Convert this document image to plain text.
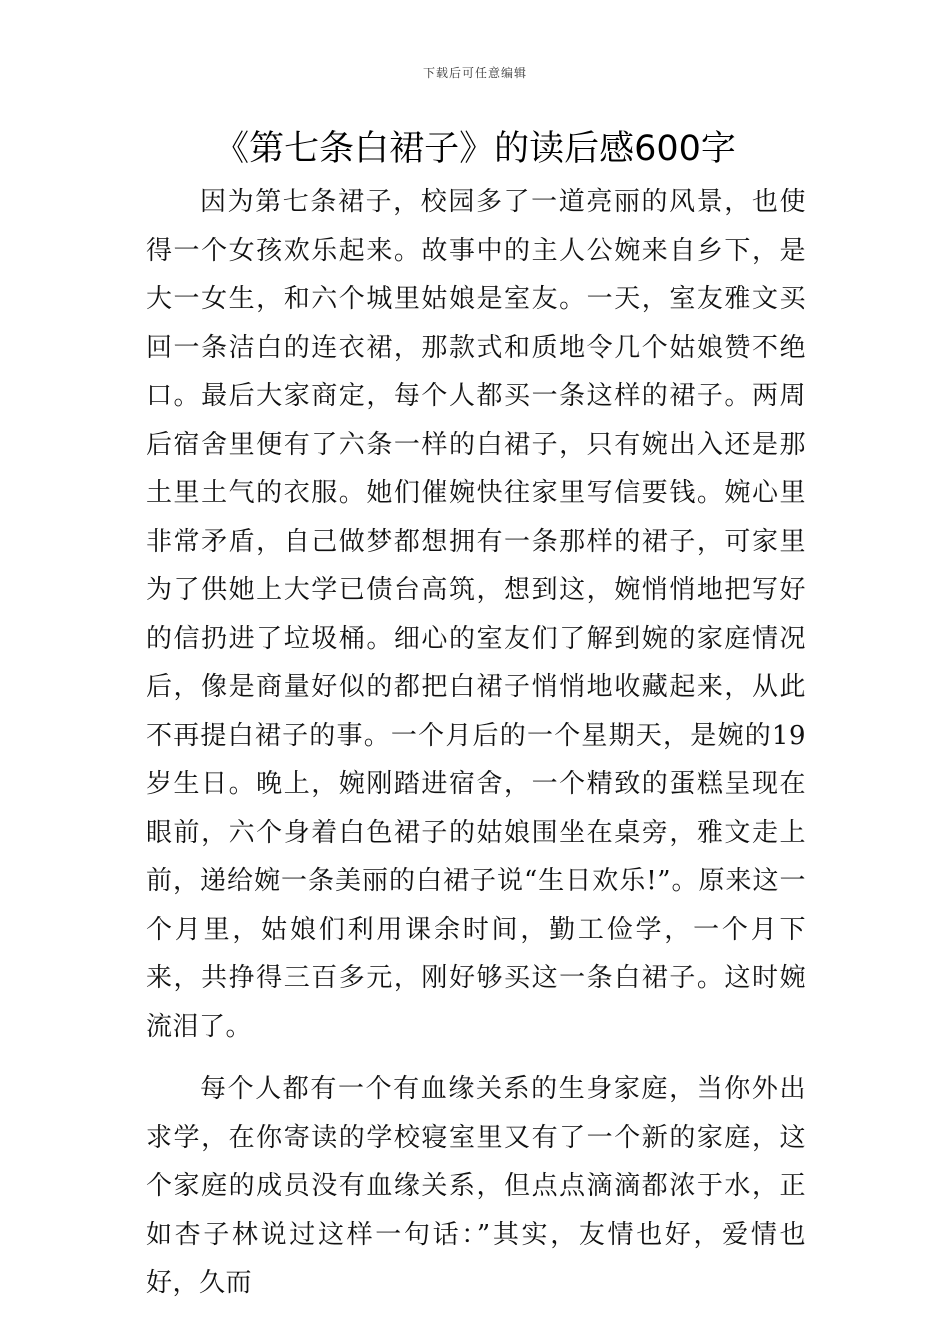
下载后可任意编辑
《第七条白裙子》的读后感600字

因为第七条裙子，校园多了一道亮丽的风景，也使得一个女孩欢乐起来。故事中的主人公婉来自乡下，是大一女生，和六个城里姑娘是室友。一天，室友雅文买回一条洁白的连衣裙，那款式和质地令几个姑娘赞不绝口。最后大家商定，每个人都买一条这样的裙子。两周后宿舍里便有了六条一样的白裙子，只有婉出入还是那土里土气的衣服。她们催婉快往家里写信要钱。婉心里非常矛盾，自己做梦都想拥有一条那样的裙子，可家里为了供她上大学已债台高筑，想到这，婉悄悄地把写好的信扔进了垃圾桶。细心的室友们了解到婉的家庭情况后，像是商量好似的都把白裙子悄悄地收藏起来，从此不再提白裙子的事。一个月后的一个星期天，是婉的19岁生日。晚上，婉刚踏进宿舍，一个精致的蛋糕呈现在眼前，六个身着白色裙子的姑娘围坐在桌旁，雅文走上前，递给婉一条美丽的白裙子说“生日欢乐!”。原来这一个月里，姑娘们利用课余时间，勤工俭学，一个月下来，共挣得三百多元，刚好够买这一条白裙子。这时婉流泪了。

每个人都有一个有血缘关系的生身家庭，当你外出求学，在你寄读的学校寝室里又有了一个新的家庭，这个家庭的成员没有血缘关系，但点点滴滴都浓于水，正如杏子林说过这样一句话：”其实，友情也好，爱情也好，久而
